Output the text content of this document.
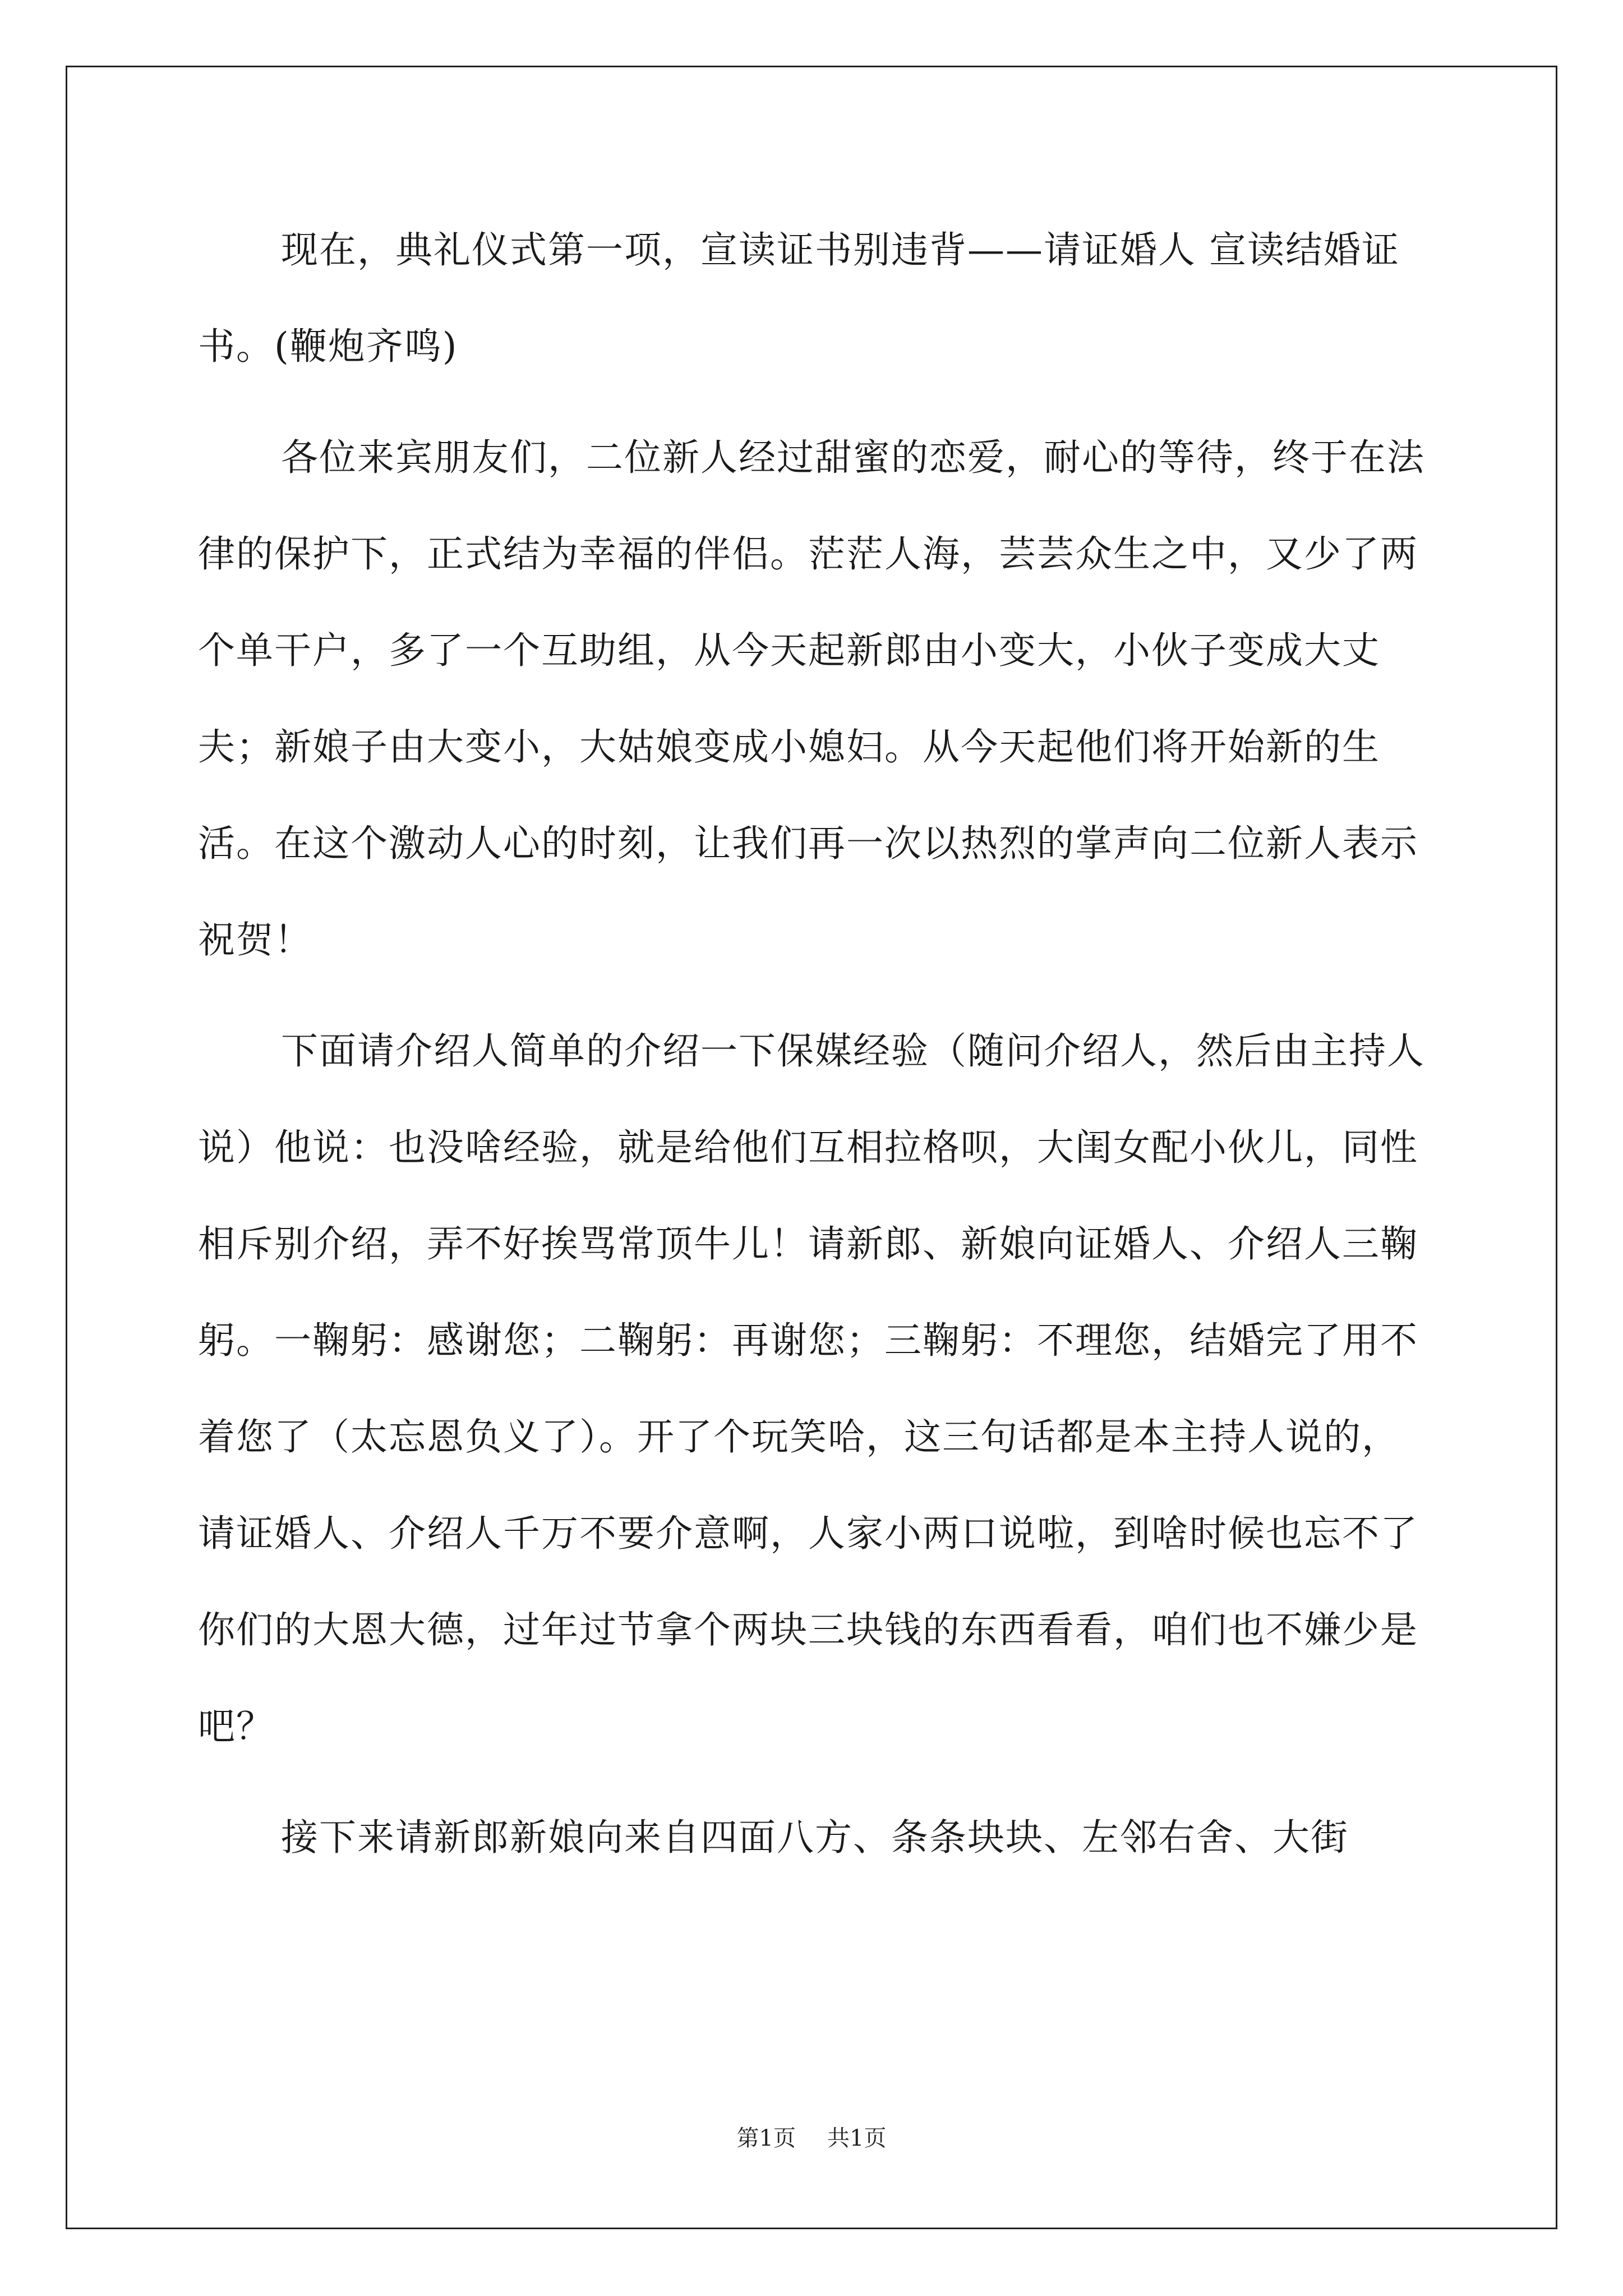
现在，典礼仪式第一项，宣读证书别违背——请证婚人 宣读结婚证书。(鞭炮齐鸣)

各位来宾朋友们，二位新人经过甜蜜的恋爱，耐心的等待，终于在法律的保护下，正式结为幸福的伴侣。茫茫人海，芸芸众生之中，又少了两个单干户，多了一个互助组，从今天起新郎由小变大，小伙子变成大丈夫；新娘子由大变小，大姑娘变成小媳妇。从今天起他们将开始新的生活。在这个激动人心的时刻，让我们再一次以热烈的掌声向二位新人表示祝贺！

下面请介绍人简单的介绍一下保媒经验（随问介绍人，然后由主持人说）他说：也没啥经验，就是给他们互相拉格呗，大闺女配小伙儿，同性相斥别介绍，弄不好挨骂常顶牛儿！请新郎、新娘向证婚人、介绍人三鞠躬。一鞠躬：感谢您；二鞠躬：再谢您；三鞠躬：不理您，结婚完了用不着您了（太忘恩负义了）。开了个玩笑哈，这三句话都是本主持人说的，请证婚人、介绍人千万不要介意啊，人家小两口说啦，到啥时候也忘不了你们的大恩大德，过年过节拿个两块三块钱的东西看看，咱们也不嫌少是吧？

接下来请新郎新娘向来自四面八方、条条块块、左邻右舍、大街

第1页 共1页
